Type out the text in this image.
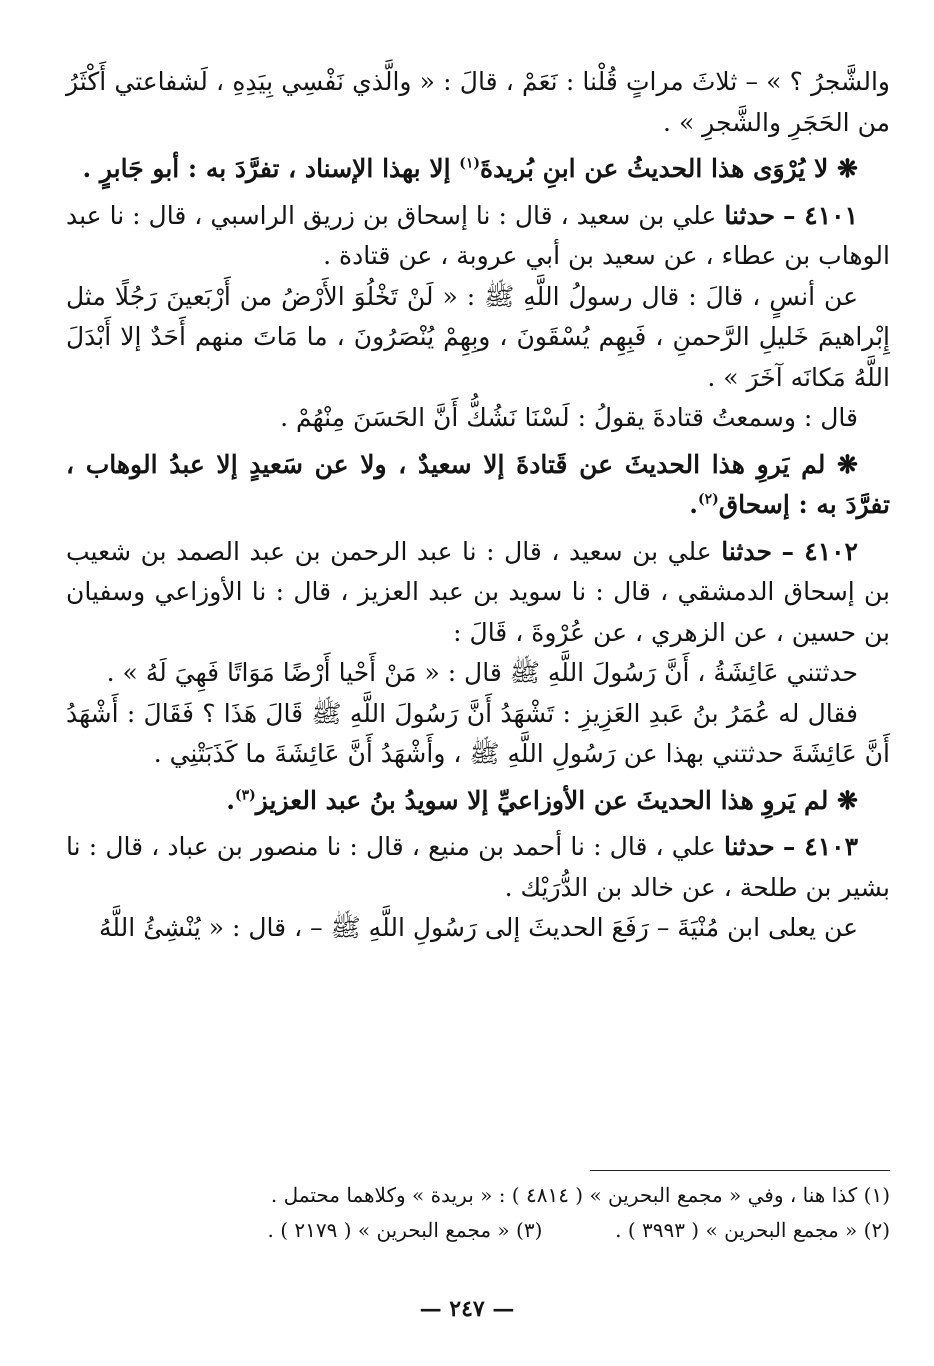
والشَّجرُ ؟ » – ثلاثَ مراتٍ قُلْنا : نَعَمْ ، قالَ : « والَّذي نَفْسِي بِيَدِهِ ، لَشفاعتي أَكْثَرُ من الحَجَرِ والشَّجرِ » .

❋ لا يُرْوَى هذا الحديثُ عن ابنِ بُريدةَ$^{(١)}$ إلا بهذا الإسناد ، تفرَّدَ به : أبو جَابرٍ .

٤١٠١ – حدثنا علي بن سعيد ، قال : نا إسحاق بن زريق الراسبي ، قال : نا عبد الوهاب بن عطاء ، عن سعيد بن أبي عروبة ، عن قتادة .

عن أنسٍ ، قالَ : قال رسولُ اللَّهِ ﷺ : « لَنْ تَخْلُوَ الأَرْضُ من أَرْبَعينَ رَجُلًا مثل إِبْراهيمَ خَليلِ الرَّحمنِ ، فَبِهِم يُسْقَونَ ، وبِهِمْ يُنْصَرُونَ ، ما مَاتَ منهم أَحَدٌ إلا أَبْدَلَ اللَّهُ مَكانَه آخَرَ » .

قال : وسمعتُ قتادةَ يقولُ : لَسْنَا نَشُكُّ أَنَّ الحَسَنَ مِنْهُمْ .

❋ لم يَروِ هذا الحديثَ عن قَتادةَ إلا سعيدٌ ، ولا عن سَعيدٍ إلا عبدُ الوهاب ، تفرَّدَ به : إسحاق$^{(٢)}$.

٤١٠٢ – حدثنا علي بن سعيد ، قال : نا عبد الرحمن بن عبد الصمد بن شعيب بن إسحاق الدمشقي ، قال : نا سويد بن عبد العزيز ، قال : نا الأوزاعي وسفيان بن حسين ، عن الزهري ، عن عُرْوةَ ، قَالَ :

حدثتني عَائِشَةُ ، أَنَّ رَسُولَ اللَّهِ ﷺ قال : « مَنْ أَحْيا أَرْضًا مَوَاتًا فَهِيَ لَهُ » .

فقال له عُمَرُ بنُ عَبدِ العَزِيزِ : تَشْهَدُ أَنَّ رَسُولَ اللَّهِ ﷺ قَالَ هَذَا ؟ فَقَالَ : أَشْهَدُ أَنَّ عَائِشَةَ حدثتني بهذا عن رَسُولِ اللَّهِ ﷺ ، وأَشْهَدُ أَنَّ عَائِشَةَ ما كَذَبَتْنِي .

❋ لم يَروِ هذا الحديثَ عن الأوزاعيِّ إلا سويدُ بنُ عبد العزيز$^{(٣)}$.

٤١٠٣ – حدثنا علي ، قال : نا أحمد بن منيع ، قال : نا منصور بن عباد ، قال : نا بشير بن طلحة ، عن خالد بن الدُّرَيْك .

عن يعلى ابن مُنْيَةَ – رَفَعَ الحديثَ إلى رَسُولِ اللَّهِ ﷺ – ، قال : « يُنْشِئُ اللَّهُ

(١) كذا هنا ، وفي « مجمع البحرين » ( ٤٨١٤ ) : « بريدة » وكلاهما محتمل .

(٢) « مجمع البحرين » ( ٣٩٩٣ ) .  (٣) « مجمع البحرين » ( ٢١٧٩ ) .

— ٢٤٧ —
